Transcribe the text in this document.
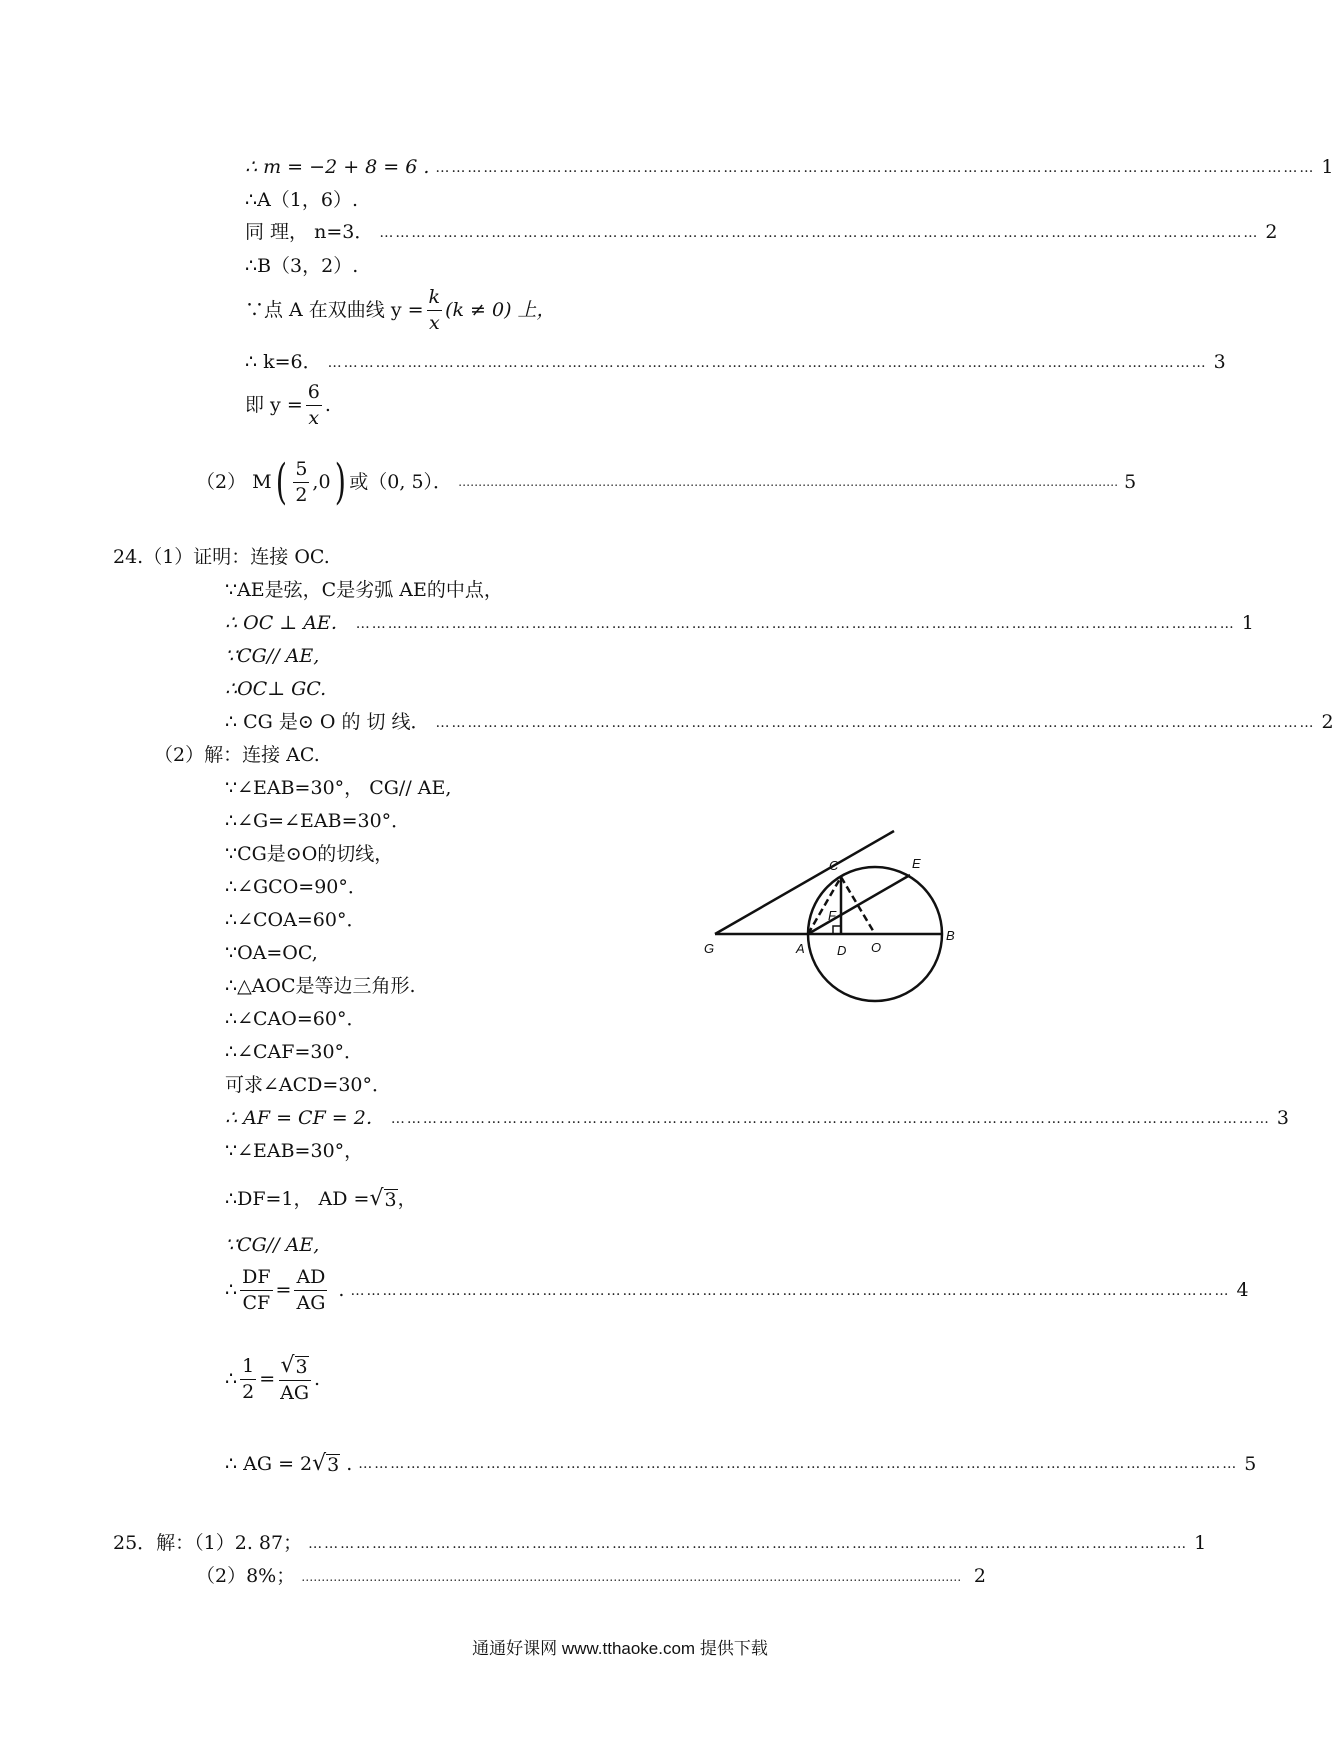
∴ m = −2 + 8 = 6 . ………………………………………………………………………………………………………………………………………………… 1
∴A（1，6）.
同 理， n=3． ………………………………………………………………………………………………………………………………………………… 2
∴B（3，2）.
∵点 A 在双曲线 $y = \frac{k}{x} (k \ne 0)$ 上，
∴ k=6． ………………………………………………………………………………………………………………………………………………… 3
即 $y = \frac{6}{x}$ .
（2） M ( $\frac{5}{2} ,0$ ) 或（0, 5）． ………………………………………………………………………………………………………………………………………………… 5
24.（1）证明：连接 OC.
∵AE是弦，C是劣弧 AE的中点，
∴ OC ⊥ AE． ………………………………………………………………………………………………………………………………………………… 1
∵CG// AE,
∴OC⊥ GC.
∴ CG 是⊙ O 的 切 线． ………………………………………………………………………………………………………………………………………………… 2
（2）解：连接 AC.
∵∠EAB=30°， CG// AE,
∴∠G=∠EAB=30°．
∵CG是⊙O的切线，
∴∠GCO=90°．
∴∠COA=60°．
∵OA=OC,
∴△AOC是等边三角形.
∴∠CAO=60°．
∴∠CAF=30°．
可求∠ACD=30°．
∴ AF = CF = 2． ………………………………………………………………………………………………………………………………………………… 3
∵∠EAB=30°，
∴DF=1， AD = √ 3 ，
∵CG// AE,
∴ $\frac{DF}{CF} = \frac{AD}{AG}$ . ………………………………………………………………………………………………………………………………………………… 4
∴ $\frac{1}{2} = \frac{√ 3}{AG}$ .
∴ AG = 2 √ 3 . ………………………………………………………………………………………………………………………………………………… 5
C	E
F
G	A D O
B
25．解：（1）2. 87； ………………………………………………………………………………………………………………………………………………… 1
（2）8%； ………………………………………………………………………………………………………………………………………………… 2
通通好课网 www.tthaoke.com 提供下载
